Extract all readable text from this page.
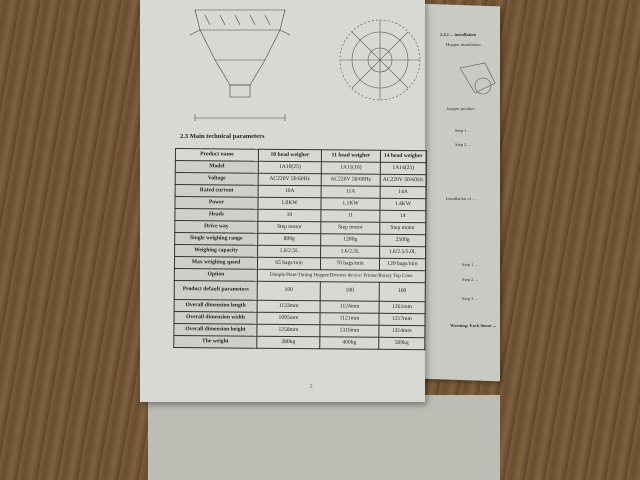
2.3 Main technical parameters
Product name	10 head weigher	11 head weigher	14 head weigher
Model	1A10(25)	1A11(16)	1A14(25)
Voltage	AC220V 50/60Hz	AC220V 50/60Hz	AC220V 50/60Hz
Rated current	10A	11A	14A
Power	1.0KW	1.1KW	1.4KW
Heads	10	11	14
Drive way	Step motor	Step motor	Step motor
Single weighing range	800g	1200g	2500g
Weighing capacity	1.6/2.5L	1.6/2.5L	1.6/2.5/5.0L
Max weighing speed	65 bags/min	70 bags/min	120 bags/min
Option	Dimple Plate/Timing Hopper/Diverter device/ Printer/Rotary Top Cone		
Product default parameters	100	100	100
Overall dimension length	1133mm	1124mm	1261mm
Overall dimension width	1095mm	1121mm	1217mm
Overall dimension height	1258mm	1316mm	1314mm
The weight	380kg	400kg	509kg
5
2.4.1 ... installation
Hopper installation
hopper product
Step 1 ...
Step 2 ...
Installation of ...
Step 1 ...
Step 2 ...
Step 3 ...
Warning: Each linear ...
